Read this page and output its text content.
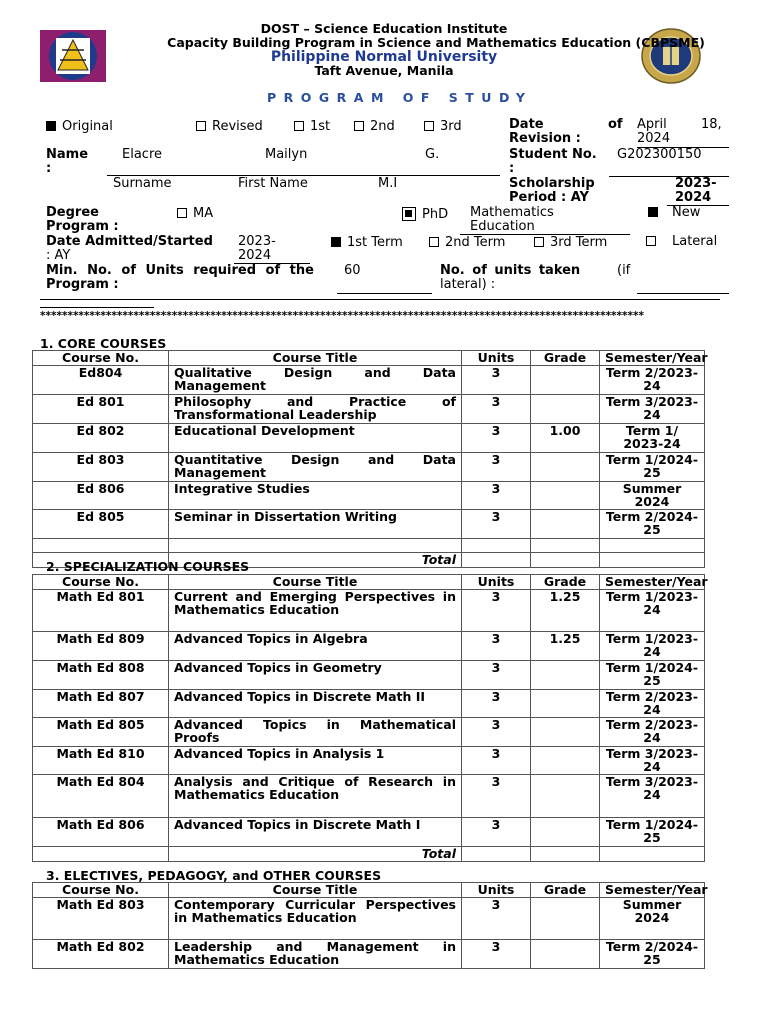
DOST – Science Education Institute
Capacity Building Program in Science and Mathematics Education (CBPSME)
Philippine Normal University
Taft Avenue, Manila
PROGRAM OF STUDY
Original	Revised	1st	2nd	3rd	Date	of
Revision :
April	18,
2024
Name
:
Elacre	Mailyn	G.
Surname	First Name	M.I
Student No.
:
G202300150
Scholarship
Period : AY
2023-
2024
Degree
Program :
MA	PhD Mathematics
Education
New
Date Admitted/Started
: AY
2023-
2024
1st Term	2nd Term	3rd Term	Lateral
Min. No. of Units required of the
Program :
60	No. of units taken	(if
lateral) :
**************************************************************************************************************
1. CORE COURSES
Course No.	Course Title	Units	Grade	Semester/Year
Ed804	Qualitative Design and Data Management	3		Term 2/2023-24
Ed 801	Philosophy and Practice of Transformational Leadership	3		Term 3/2023-24
Ed 802	Educational Development	3	1.00	Term 1/ 2023-24
Ed 803	Quantitative Design and Data Management	3		Term 1/2024-25
Ed 806	Integrative Studies	3		Summer 2024
Ed 805	Seminar in Dissertation Writing	3		Term 2/2024-25

	Total			
2. SPECIALIZATION COURSES
Course No.	Course Title	Units	Grade	Semester/Year
Math Ed 801	Current and Emerging Perspectives in Mathematics Education	3	1.25	Term 1/2023-24
Math Ed 809	Advanced Topics in Algebra	3	1.25	Term 1/2023-24
Math Ed 808	Advanced Topics in Geometry	3		Term 1/2024-25
Math Ed 807	Advanced Topics in Discrete Math II	3		Term 2/2023-24
Math Ed 805	Advanced Topics in Mathematical Proofs	3		Term 2/2023-24
Math Ed 810	Advanced Topics in Analysis 1	3		Term 3/2023-24
Math Ed 804	Analysis and Critique of Research in Mathematics Education	3		Term 3/2023-24
Math Ed 806	Advanced Topics in Discrete Math I	3		Term 1/2024-25
	Total			
3. ELECTIVES, PEDAGOGY, and OTHER COURSES
Course No.	Course Title	Units	Grade	Semester/Year
Math Ed 803	Contemporary Curricular Perspectives in Mathematics Education	3		Summer 2024
Math Ed 802	Leadership and Management in Mathematics Education	3		Term 2/2024-25
